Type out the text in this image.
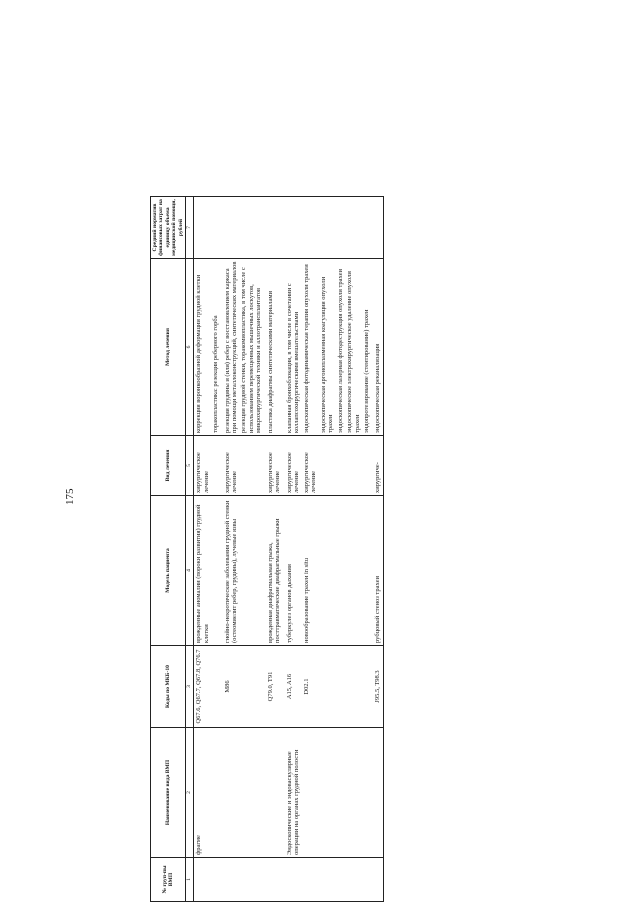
175
№ груп-пы ВМП	Наименование вида ВМП	Коды по МКБ-10	Модель пациента	Вид лечения	Метод лечения	Средний норматив финансовых затрат на единицу объема медицинской помощи, рублей
1	2	3	4	5	6	7
	фрагме	Q67.6, Q67.7, Q67.8, Q76.7	врожденные аномалии (пороки развития) грудной клетки	хирургическое лечение	коррекция воронкообразной деформации грудной клетки	
					торакопластика: резекция реберного горба	
		M86	гнойно-некротические заболевания грудной стенки (остеомиелит ребер, грудины), лучевые язвы	хирургическое лечение	резекция грудины и (или) ребер с восстановлением каркаса при помощи металлоконструкций, синтетических материалов	
					резекция грудной стенки, торакомиопластика, в том числе с использованием перемещенных мышечных лоскутов, микрохирургической техники и аллотрансплантатов	
		Q79.0, T91	врожденная диафрагмальная грыжа, посттравматические диафрагмальные грыжи	хирургическое лечение	пластика диафрагмы синтетическими материалами	
	Эндоскопические и эндоваскулярные операции на органах грудной полости	A15, A16	туберкулез органов дыхания	хирургическое лечение	клапанная бронхоблокация, в том числе в сочетании с коллапсохирургическими вмешательствами	
		D02.1	новообразование трахеи in situ	хирургическое лечение	эндоскопическая фотодинамическая терапия опухоли трахеи	
					эндоскопическая аргоноплазменная коагуляция опухоли трахеи	
					эндоскопическая лазерная фотодеструкция опухоли трахеи	
					эндоскопическое электрохирургическое удаление опухоли трахеи	
					эндопротезирование (стентирование) трахеи	
		J95.5, T98.3	рубцовый стеноз трахеи	хирургиче-	эндоскопическая реканализация	
